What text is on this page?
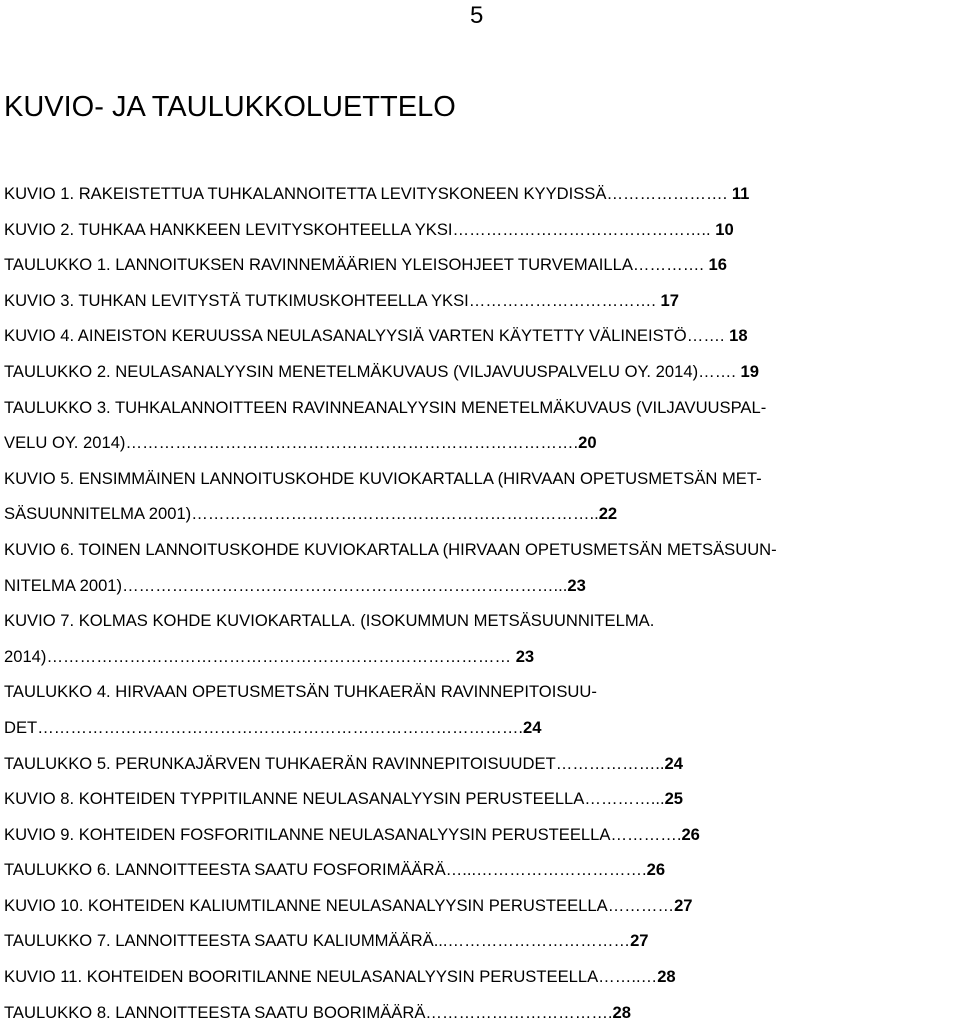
5
KUVIO- JA TAULUKKOLUETTELO
KUVIO 1. RAKEISTETTUA TUHKALANNOITETTA LEVITYSKONEEN KYYDISSÄ…………………. 11
KUVIO 2. TUHKAA HANKKEEN LEVITYSKOHTEELLA YKSI……………………………………….. 10
TAULUKKO 1. LANNOITUKSEN RAVINNEMÄÄRIEN YLEISOHJEET TURVEMAILLA…………. 16
KUVIO 3. TUHKAN LEVITYSTÄ TUTKIMUSKOHTEELLA YKSI……………………………. 17
KUVIO 4. AINEISTON KERUUSSA NEULASANALYYSIÄ VARTEN KÄYTETTY VÄLINEISTÖ……. 18
TAULUKKO 2. NEULASANALYYSIN MENETELMÄKUVAUS (VILJAVUUSPALVELU OY. 2014)……. 19
TAULUKKO 3. TUHKALANNOITTEEN RAVINNEANALYYSIN MENETELMÄKUVAUS (VILJAVUUSPAL-
VELU OY. 2014)……………………………………………………………………….20
KUVIO 5. ENSIMMÄINEN LANNOITUSKOHDE KUVIOKARTALLA (HIRVAAN OPETUSMETSÄN MET-
SÄSUUNNITELMA 2001)………………………………………………………………..22
KUVIO 6. TOINEN LANNOITUSKOHDE KUVIOKARTALLA (HIRVAAN OPETUSMETSÄN METSÄSUUN-
NITELMA 2001)……………………………………………………………………...23
KUVIO 7. KOLMAS KOHDE KUVIOKARTALLA. (ISOKUMMUN METSÄSUUNNITELMA.
2014)………………………………………………………………………… 23
TAULUKKO 4. HIRVAAN OPETUSMETSÄN TUHKAERÄN RAVINNEPITOISUU-
DET…………………………………………………………………………….24
TAULUKKO 5. PERUNKAJÄRVEN TUHKAERÄN RAVINNEPITOISUUDET………………..24
KUVIO 8. KOHTEIDEN TYPPITILANNE NEULASANALYYSIN PERUSTEELLA…………...25
KUVIO 9. KOHTEIDEN FOSFORITILANNE NEULASANALYYSIN PERUSTEELLA………….26
TAULUKKO 6. LANNOITTEESTA SAATU FOSFORIMÄÄRÄ…...………………………….26
KUVIO 10. KOHTEIDEN KALIUMTILANNE NEULASANALYYSIN PERUSTEELLA…………27
TAULUKKO 7. LANNOITTEESTA SAATU KALIUMMÄÄRÄ...……………………………27
KUVIO 11. KOHTEIDEN BOORITILANNE NEULASANALYYSIN PERUSTEELLA……..…28
TAULUKKO 8. LANNOITTEESTA SAATU BOORIMÄÄRÄ…………………………….28
